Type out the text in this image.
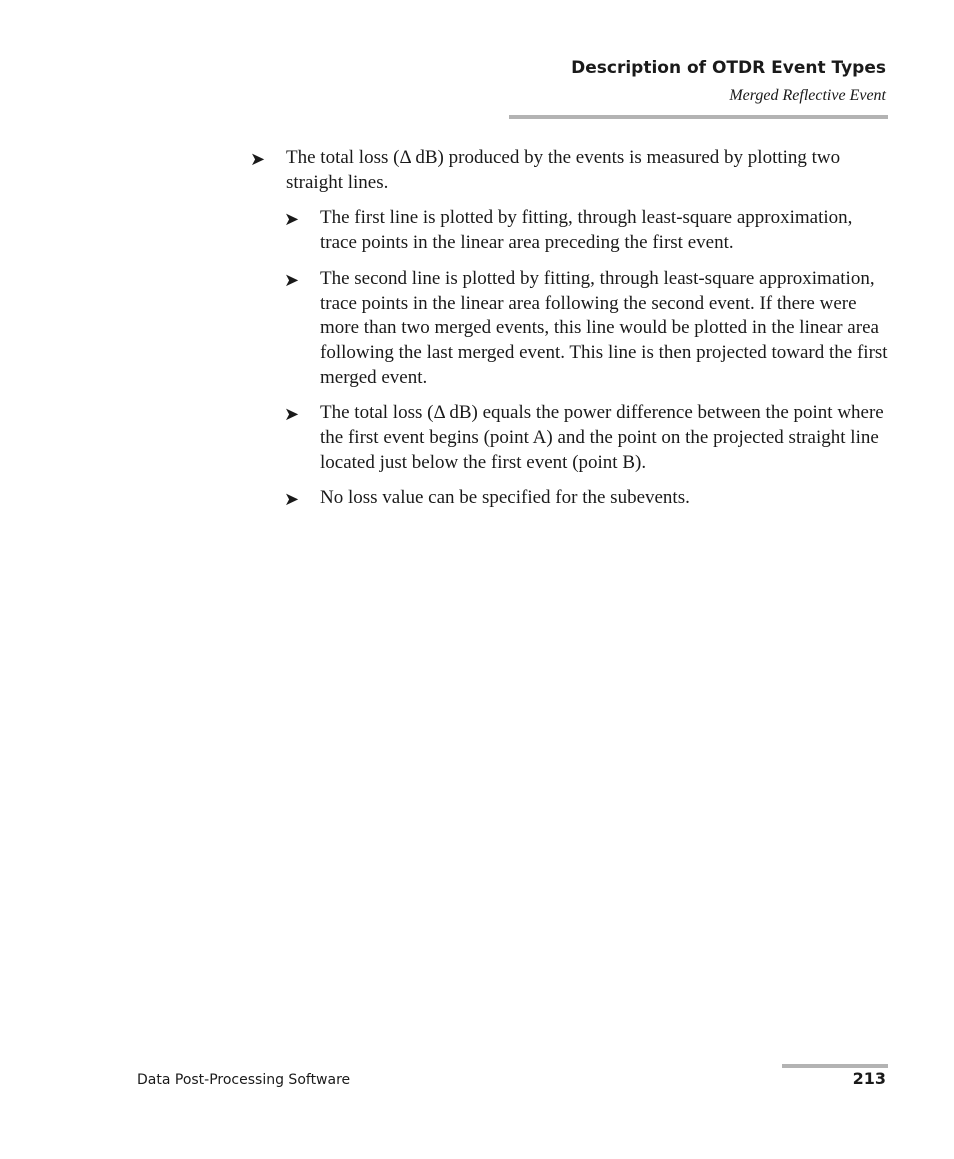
Description of OTDR Event Types
Merged Reflective Event
➤ The total loss (Δ dB) produced by the events is measured by plotting two straight lines.
➤ The first line is plotted by fitting, through least-square approximation, trace points in the linear area preceding the first event.
➤ The second line is plotted by fitting, through least-square approximation, trace points in the linear area following the second event. If there were more than two merged events, this line would be plotted in the linear area following the last merged event. This line is then projected toward the first merged event.
➤ The total loss (Δ dB) equals the power difference between the point where the first event begins (point A) and the point on the projected straight line located just below the first event (point B).
➤ No loss value can be specified for the subevents.
Data Post-Processing Software	213
